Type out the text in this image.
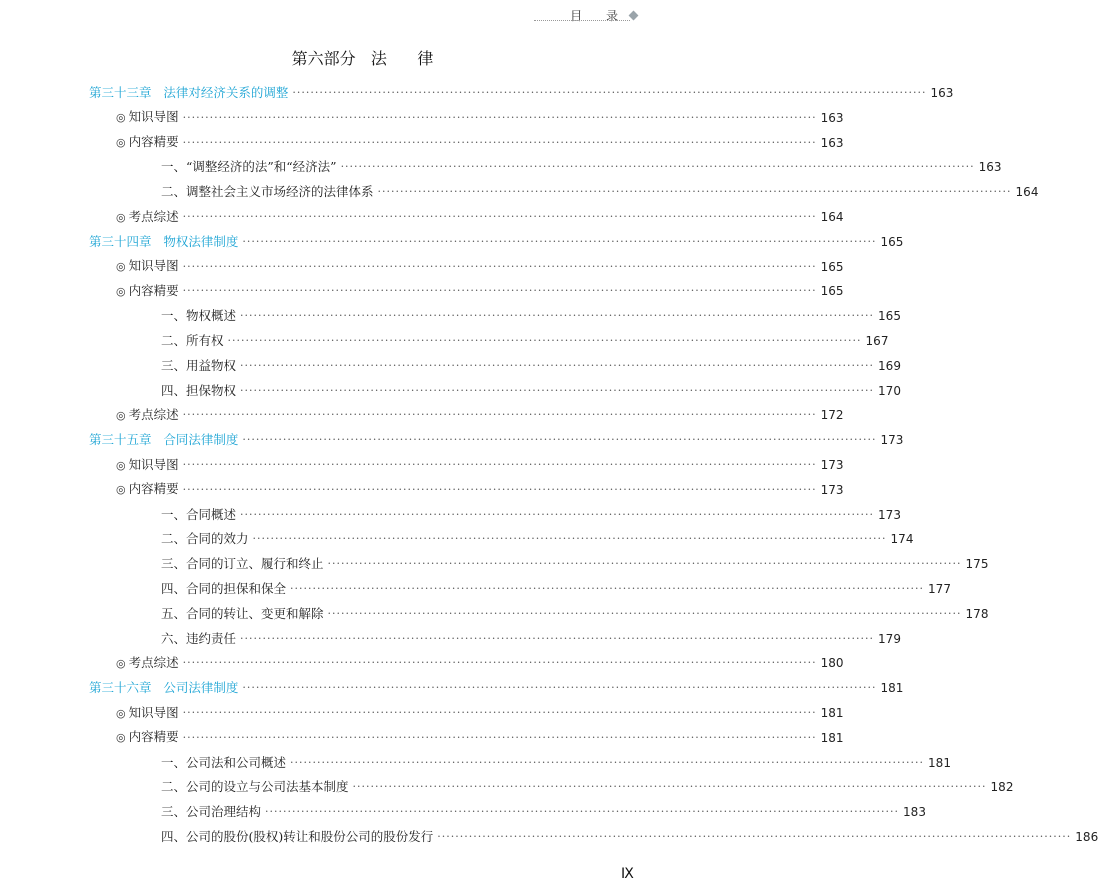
目 录
第六部分   法      律
第三十三章   法律对经济关系的调整 ············································································································································· 163
◎ 知识导图 ············································································································································· 163
◎ 内容精要 ············································································································································· 163
一、“调整经济的法”和“经济法” ············································································································································· 163
二、调整社会主义市场经济的法律体系 ············································································································································· 164
◎ 考点综述 ············································································································································· 164
第三十四章   物权法律制度 ············································································································································· 165
◎ 知识导图 ············································································································································· 165
◎ 内容精要 ············································································································································· 165
一、物权概述 ············································································································································· 165
二、所有权 ············································································································································· 167
三、用益物权 ············································································································································· 169
四、担保物权 ············································································································································· 170
◎ 考点综述 ············································································································································· 172
第三十五章   合同法律制度 ············································································································································· 173
◎ 知识导图 ············································································································································· 173
◎ 内容精要 ············································································································································· 173
一、合同概述 ············································································································································· 173
二、合同的效力 ············································································································································· 174
三、合同的订立、履行和终止 ············································································································································· 175
四、合同的担保和保全 ············································································································································· 177
五、合同的转让、变更和解除 ············································································································································· 178
六、违约责任 ············································································································································· 179
◎ 考点综述 ············································································································································· 180
第三十六章   公司法律制度 ············································································································································· 181
◎ 知识导图 ············································································································································· 181
◎ 内容精要 ············································································································································· 181
一、公司法和公司概述 ············································································································································· 181
二、公司的设立与公司法基本制度 ············································································································································· 182
三、公司治理结构 ············································································································································· 183
四、公司的股份(股权)转让和股份公司的股份发行 ············································································································································· 186
Ⅸ
